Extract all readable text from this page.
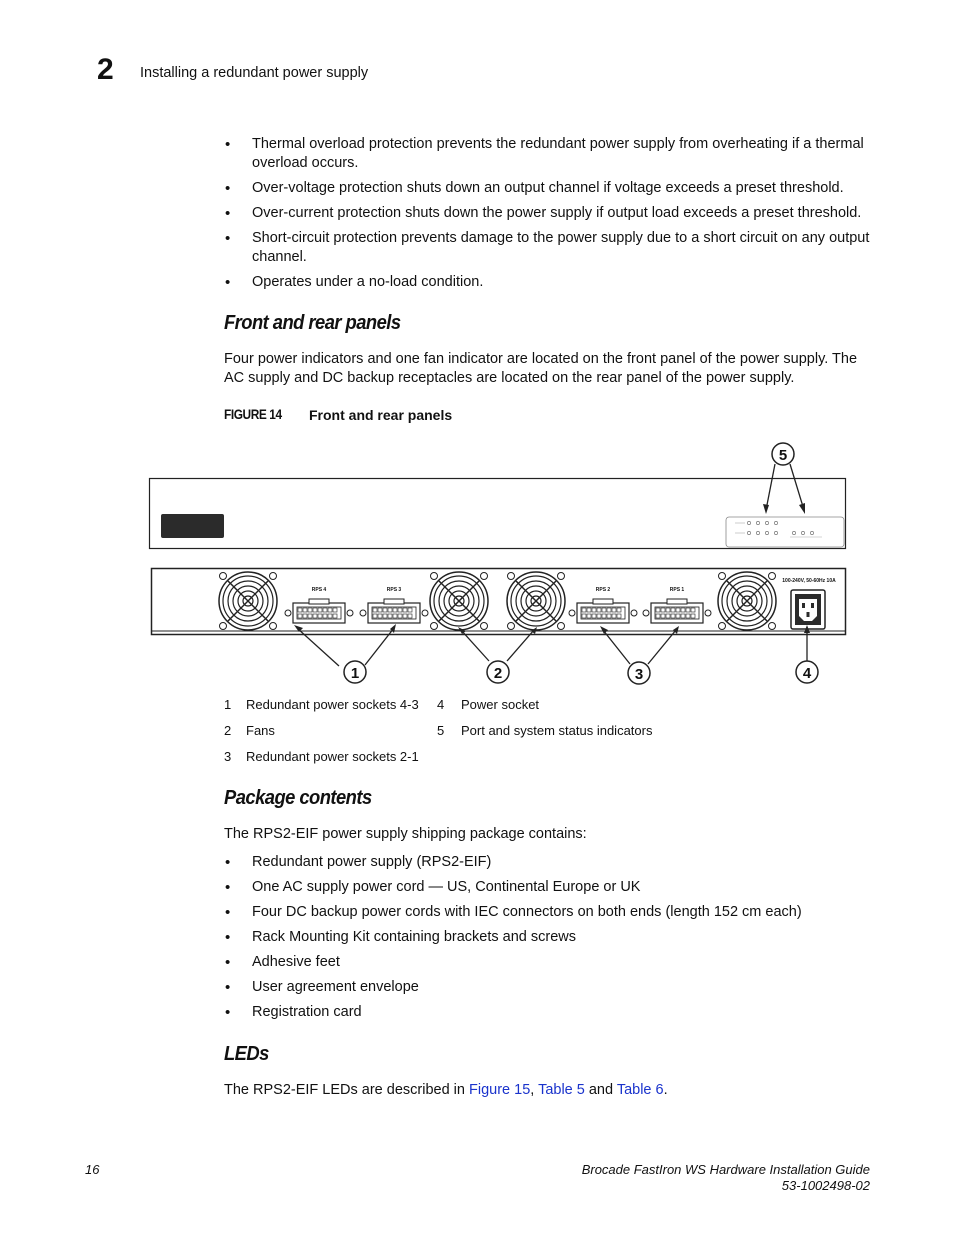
2 Installing a redundant power supply
• Thermal overload protection prevents the redundant power supply from overheating if a thermal overload occurs.
• Over-voltage protection shuts down an output channel if voltage exceeds a preset threshold.
• Over-current protection shuts down the power supply if output load exceeds a preset threshold.
• Short-circuit protection prevents damage to the power supply due to a short circuit on any output channel.
• Operates under a no-load condition.
Front and rear panels
Four power indicators and one fan indicator are located on the front panel of the power supply. The AC supply and DC backup receptacles are located on the rear panel of the power supply.
FIGURE 14	Front and rear panels
5
RPS 4	RPS 3	RPS 2	RPS 1
100-240V, 50-60Hz 10A
1	2	3	4
1 Redundant power sockets 4-3
2 Fans
3 Redundant power sockets 2-1
4 Power socket
5 Port and system status indicators
Package contents
The RPS2-EIF power supply shipping package contains:
• Redundant power supply (RPS2-EIF)
• One AC supply power cord — US, Continental Europe or UK
• Four DC backup power cords with IEC connectors on both ends (length 152 cm each)
• Rack Mounting Kit containing brackets and screws
• Adhesive feet
• User agreement envelope
• Registration card
LEDs
The RPS2-EIF LEDs are described in Figure 15, Table 5 and Table 6.
16	Brocade FastIron WS Hardware Installation Guide
53-1002498-02
